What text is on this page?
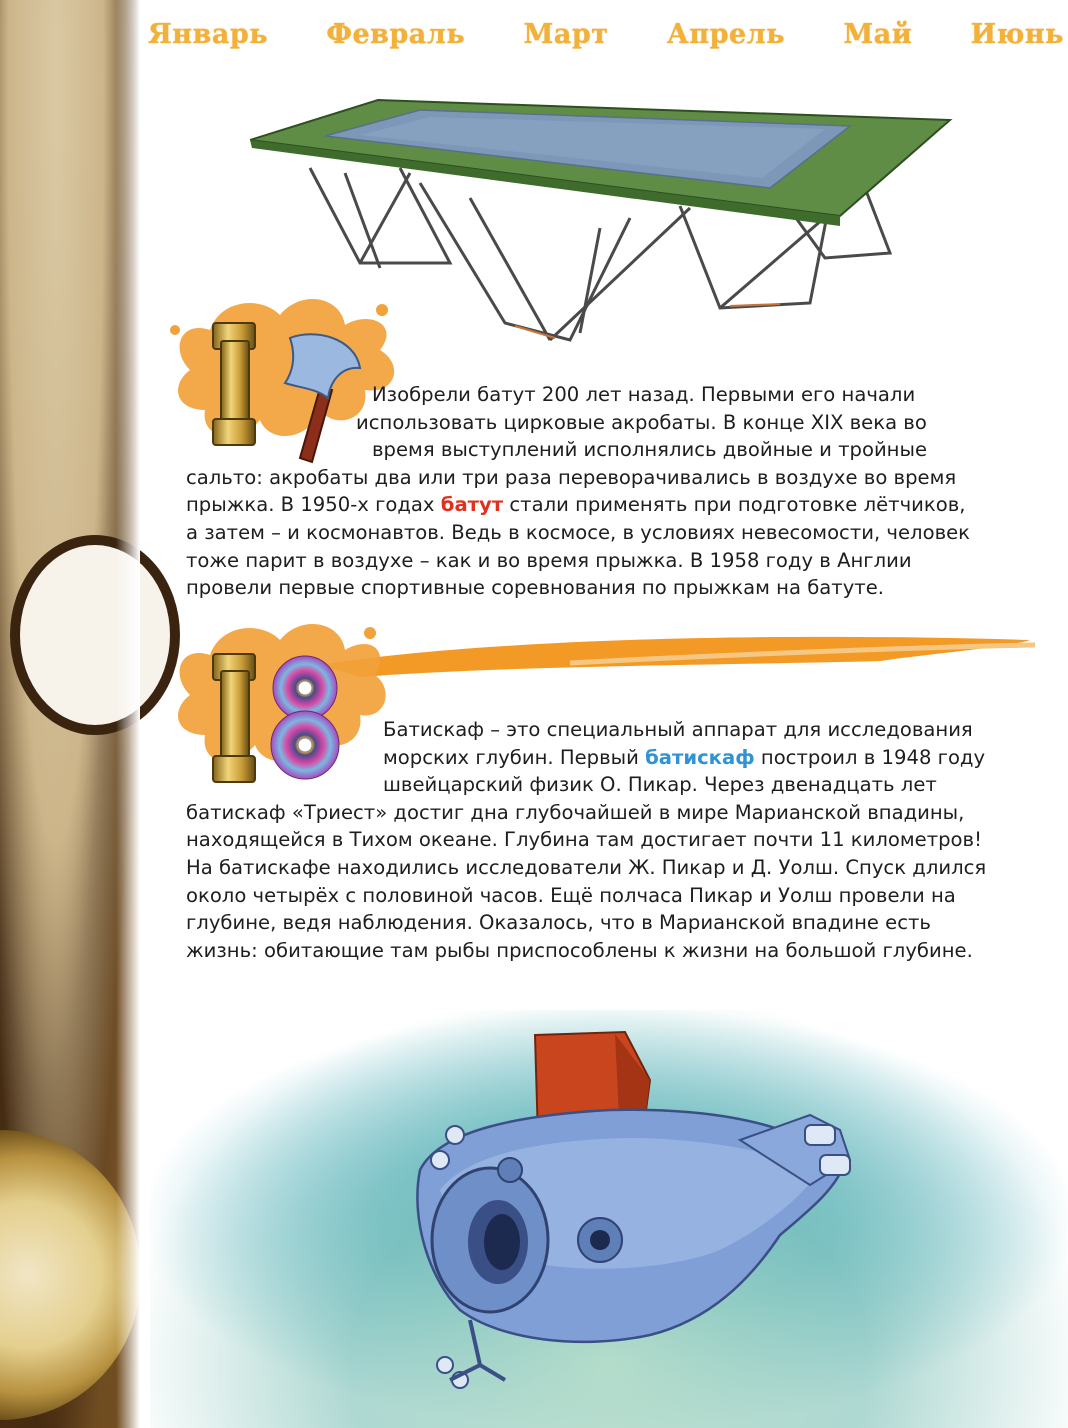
Январь Февраль Март Апрель Май Июнь
Изобрели батут 200 лет назад. Первыми его начали
использовать цирковые акробаты. В конце XIX века во
время выступлений исполнялись двойные и тройные
сальто: акробаты два или три раза переворачивались в воздухе во время
прыжка. В 1950-х годах батут стали применять при подготовке лётчиков,
а затем – и космонавтов. Ведь в космосе, в условиях невесомости, человек
тоже парит в воздухе – как и во время прыжка. В 1958 году в Англии
провели первые спортивные соревнования по прыжкам на батуте.
Батискаф – это специальный аппарат для исследования
морских глубин. Первый батискаф построил в 1948 году
швейцарский физик О. Пикар. Через двенадцать лет
батискаф «Триест» достиг дна глубочайшей в мире Марианской впадины,
находящейся в Тихом океане. Глубина там достигает почти 11 километров!
На батискафе находились исследователи Ж. Пикар и Д. Уолш. Спуск длился
около четырёх с половиной часов. Ещё полчаса Пикар и Уолш провели на
глубине, ведя наблюдения. Оказалось, что в Марианской впадине есть
жизнь: обитающие там рыбы приспособлены к жизни на большой глубине.
